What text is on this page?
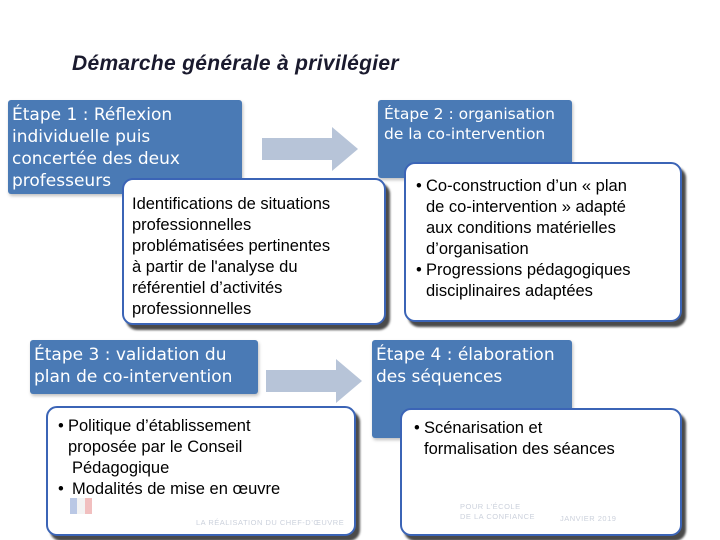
Démarche générale à privilégier
Étape 1 : Réflexion
individuelle puis
concertée des deux
professeurs
Étape 2 : organisation
de la co-intervention
Identifications de situations
professionnelles
problématisées pertinentes
à partir de l'analyse du
référentiel d’activités
professionnelles
• Co-construction d’un « plan
de co-intervention » adapté
aux conditions matérielles
d’organisation
• Progressions pédagogiques
disciplinaires adaptées
Étape 3 : validation du
plan de co-intervention
Étape 4 : élaboration
des séquences
• Politique d’établissement
proposée par le Conseil
Pédagogique
• Modalités de mise en œuvre
LA RÉALISATION DU CHEF-D’ŒUVRE
• Scénarisation et
formalisation des séances
POUR L’ÉCOLE
DE LA CONFIANCE	JANVIER 2019
